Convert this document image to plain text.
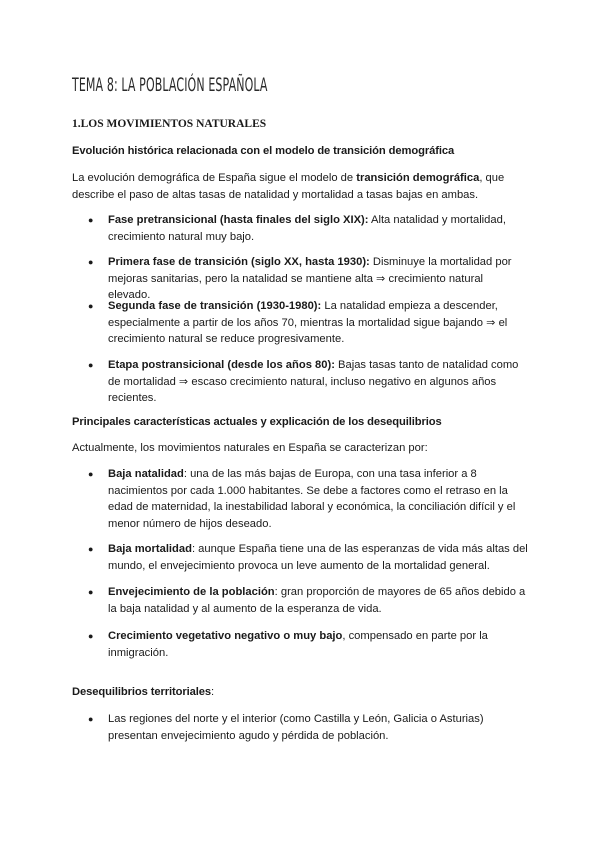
TEMA 8: LA POBLACIÓN ESPAÑOLA
1.LOS MOVIMIENTOS NATURALES
Evolución histórica relacionada con el modelo de transición demográfica
La evolución demográfica de España sigue el modelo de transición demográfica, que describe el paso de altas tasas de natalidad y mortalidad a tasas bajas en ambas.
● Fase pretransicional (hasta finales del siglo XIX): Alta natalidad y mortalidad, crecimiento natural muy bajo.
● Primera fase de transición (siglo XX, hasta 1930): Disminuye la mortalidad por mejoras sanitarias, pero la natalidad se mantiene alta ⇒ crecimiento natural elevado.
● Segunda fase de transición (1930-1980): La natalidad empieza a descender, especialmente a partir de los años 70, mientras la mortalidad sigue bajando ⇒ el crecimiento natural se reduce progresivamente.
● Etapa postransicional (desde los años 80): Bajas tasas tanto de natalidad como de mortalidad ⇒ escaso crecimiento natural, incluso negativo en algunos años recientes.
Principales características actuales y explicación de los desequilibrios
Actualmente, los movimientos naturales en España se caracterizan por:
● Baja natalidad: una de las más bajas de Europa, con una tasa inferior a 8 nacimientos por cada 1.000 habitantes. Se debe a factores como el retraso en la edad de maternidad, la inestabilidad laboral y económica, la conciliación difícil y el menor número de hijos deseado.
● Baja mortalidad: aunque España tiene una de las esperanzas de vida más altas del mundo, el envejecimiento provoca un leve aumento de la mortalidad general.
● Envejecimiento de la población: gran proporción de mayores de 65 años debido a la baja natalidad y al aumento de la esperanza de vida.
● Crecimiento vegetativo negativo o muy bajo, compensado en parte por la inmigración.
Desequilibrios territoriales:
● Las regiones del norte y el interior (como Castilla y León, Galicia o Asturias) presentan envejecimiento agudo y pérdida de población.
